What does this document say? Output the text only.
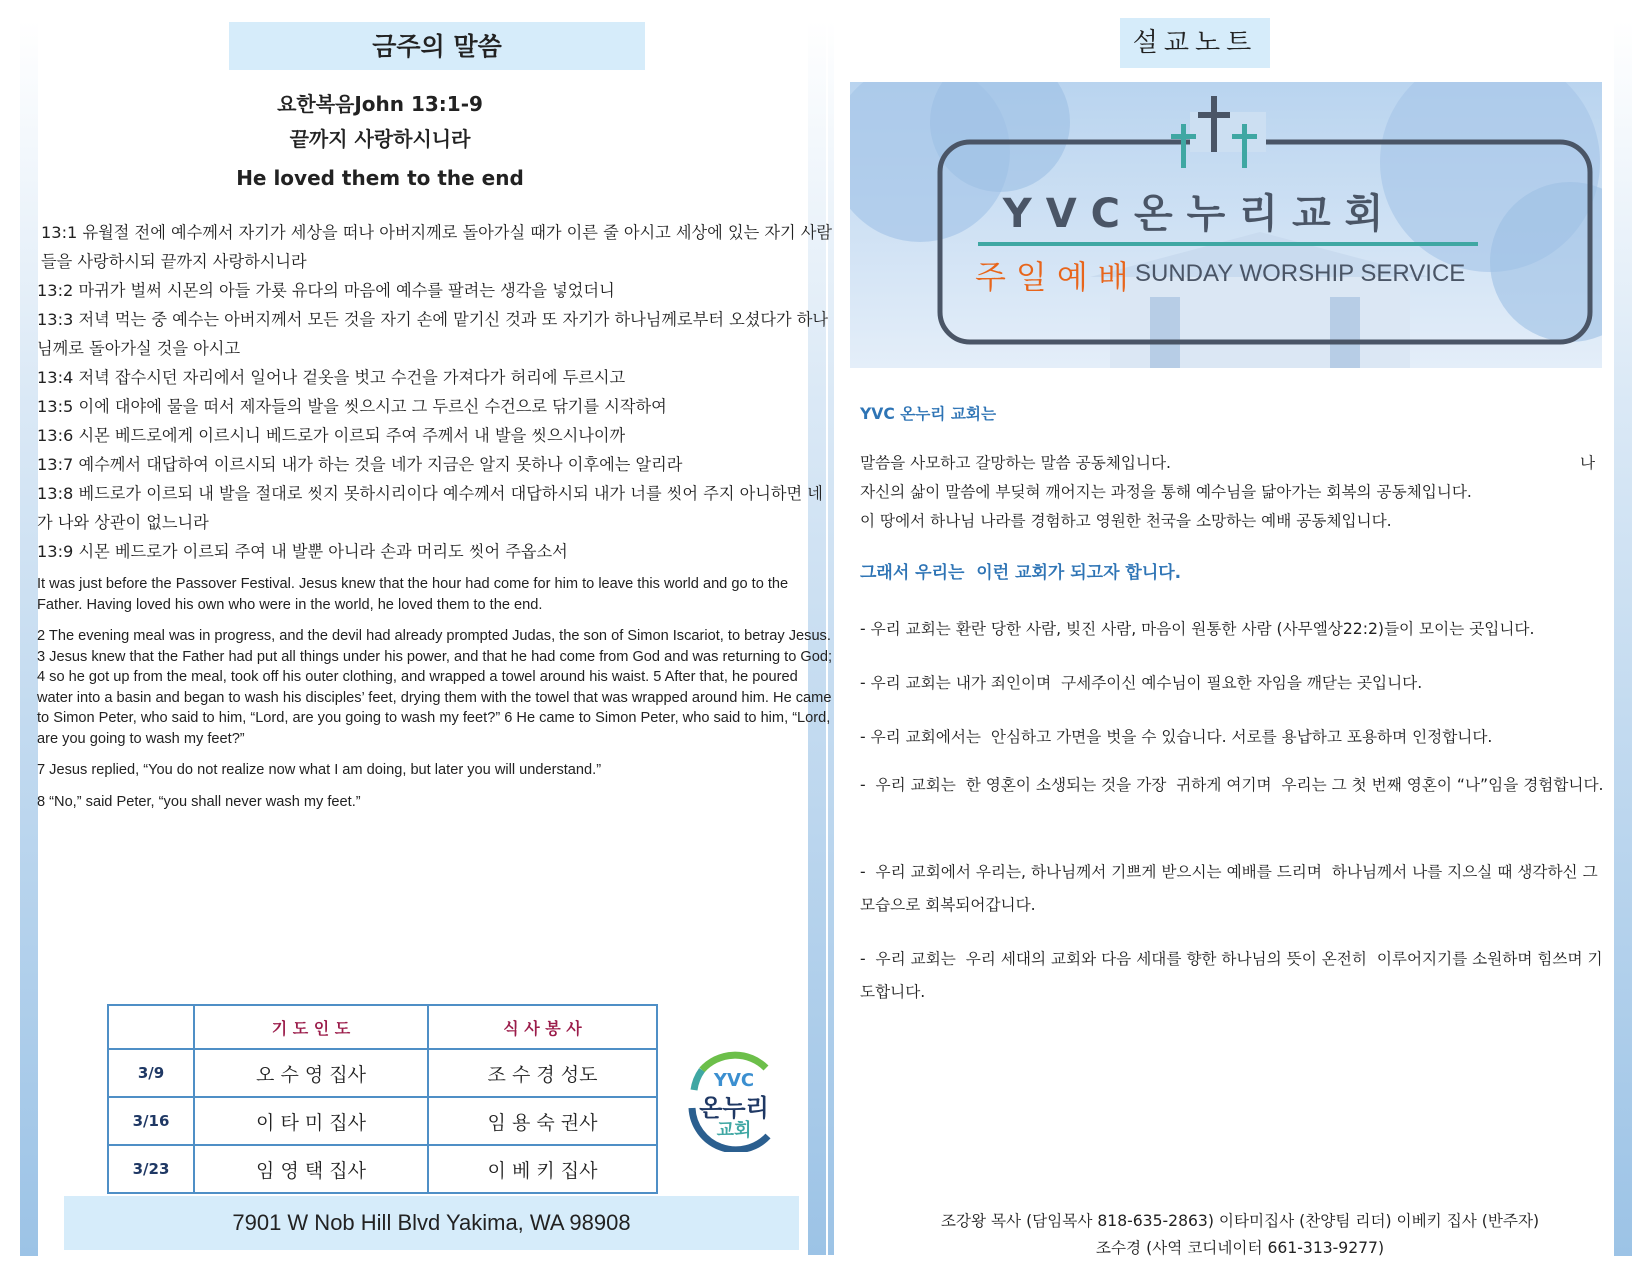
금주의 말씀
요한복음John 13:1-9
끝까지 사랑하시니라
He loved them to the end
13:1 유월절 전에 예수께서 자기가 세상을 떠나 아버지께로 돌아가실 때가 이른 줄 아시고 세상에 있는 자기 사람들을 사랑하시되 끝까지 사랑하시니라
13:2 마귀가 벌써 시몬의 아들 가룟 유다의 마음에 예수를 팔려는 생각을 넣었더니
13:3 저녁 먹는 중 예수는 아버지께서 모든 것을 자기 손에 맡기신 것과 또 자기가 하나님께로부터 오셨다가 하나님께로 돌아가실 것을 아시고
13:4 저녁 잡수시던 자리에서 일어나 겉옷을 벗고 수건을 가져다가 허리에 두르시고
13:5 이에 대야에 물을 떠서 제자들의 발을 씻으시고 그 두르신 수건으로 닦기를 시작하여
13:6 시몬 베드로에게 이르시니 베드로가 이르되 주여 주께서 내 발을 씻으시나이까
13:7 예수께서 대답하여 이르시되 내가 하는 것을 네가 지금은 알지 못하나 이후에는 알리라
13:8 베드로가 이르되 내 발을 절대로 씻지 못하시리이다 예수께서 대답하시되 내가 너를 씻어 주지 아니하면 네가 나와 상관이 없느니라
13:9 시몬 베드로가 이르되 주여 내 발뿐 아니라 손과 머리도 씻어 주옵소서

It was just before the Passover Festival. Jesus knew that the hour had come for him to leave this world and go to the Father. Having loved his own who were in the world, he loved them to the end.

2 The evening meal was in progress, and the devil had already prompted Judas, the son of Simon Iscariot, to betray Jesus. 3 Jesus knew that the Father had put all things under his power, and that he had come from God and was returning to God; 4 so he got up from the meal, took off his outer clothing, and wrapped a towel around his waist. 5 After that, he poured water into a basin and began to wash his disciples’ feet, drying them with the towel that was wrapped around him. He came to Simon Peter, who said to him, “Lord, are you going to wash my feet?” 6 He came to Simon Peter, who said to him, “Lord, are you going to wash my feet?”

7 Jesus replied, “You do not realize now what I am doing, but later you will understand.”

8 “No,” said Peter, “you shall never wash my feet.”

	기 도 인 도	식 사 봉 사
3/9	오 수 영 집사	조 수 경 성도
3/16	이 타 미 집사	임 용 숙 권사
3/23	임 영 택 집사	이 베 키 집사
YVC
온누리
교회
7901 W Nob Hill Blvd Yakima, WA 98908
설교노트
YVC온누리교회
주일예배
SUNDAY WORSHIP SERVICE
YVC 온누리 교회는
말씀을 사모하고 갈망하는 말씀 공동체입니다.	나
자신의 삶이 말씀에 부딪혀 깨어지는 과정을 통해 예수님을 닮아가는 회복의 공동체입니다.
이 땅에서 하나님 나라를 경험하고 영원한 천국을 소망하는 예배 공동체입니다.
그래서 우리는  이런 교회가 되고자 합니다.
- 우리 교회는 환란 당한 사람, 빚진 사람, 마음이 원통한 사람 (사무엘상22:2)들이 모이는 곳입니다.
- 우리 교회는 내가 죄인이며  구세주이신 예수님이 필요한 자임을 깨닫는 곳입니다.
- 우리 교회에서는  안심하고 가면을 벗을 수 있습니다. 서로를 용납하고 포용하며 인정합니다.
-  우리 교회는  한 영혼이 소생되는 것을 가장  귀하게 여기며  우리는 그 첫 번째 영혼이 “나”임을 경험합니다.
-  우리 교회에서 우리는, 하나님께서 기쁘게 받으시는 예배를 드리며  하나님께서 나를 지으실 때 생각하신 그 모습으로 회복되어갑니다.
-  우리 교회는  우리 세대의 교회와 다음 세대를 향한 하나님의 뜻이 온전히  이루어지기를 소원하며 힘쓰며 기도합니다.
조강왕 목사 (담임목사 818-635-2863) 이타미집사 (찬양팀 리더) 이베키 집사 (반주자)
조수경 (사역 코디네이터 661-313-9277)
